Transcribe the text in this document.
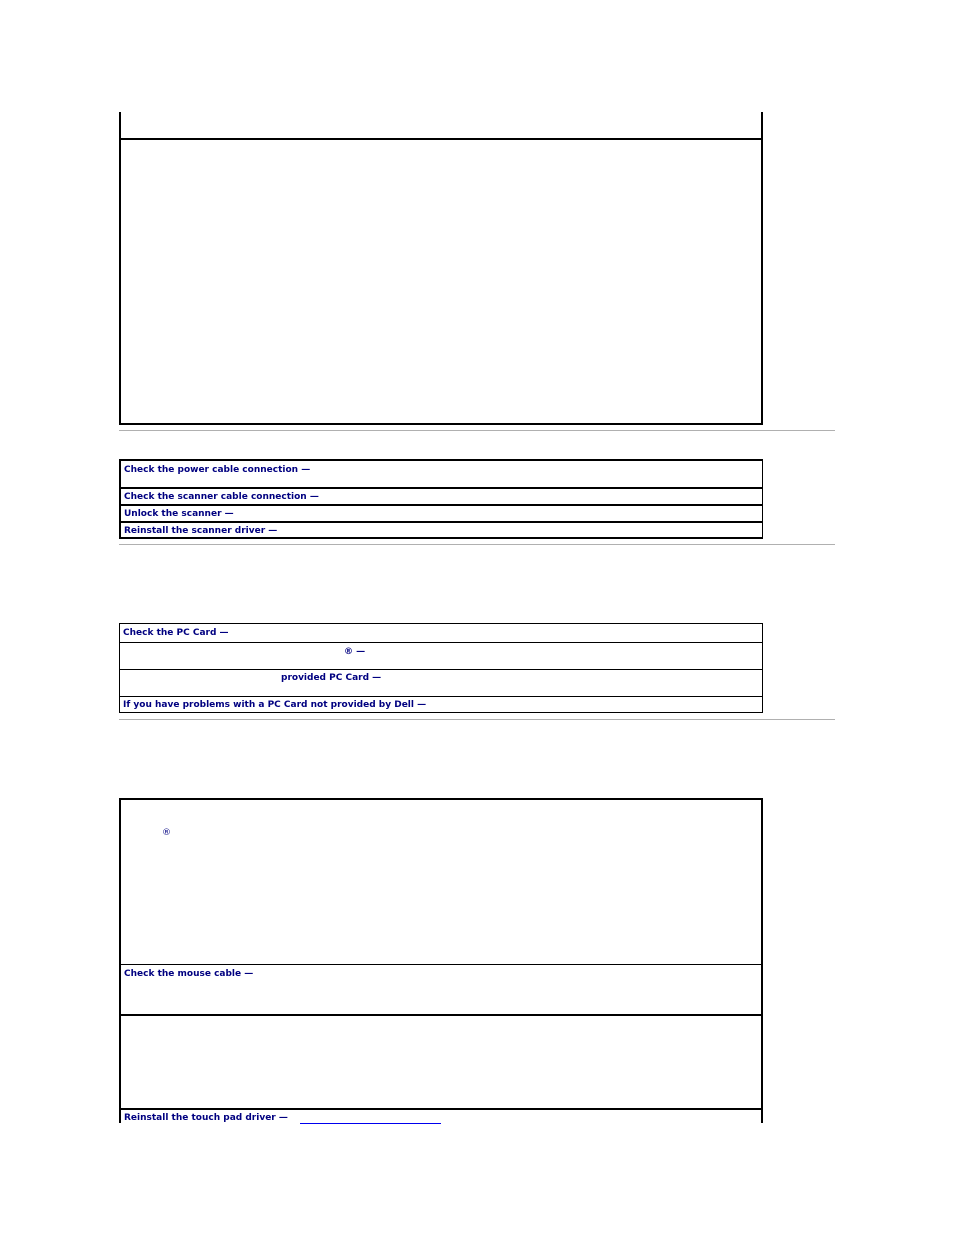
Check the power cable connection —
Check the scanner cable connection —
Unlock the scanner —
Reinstall the scanner driver —
Check the PC Card —
® —
provided PC Card —
If you have problems with a PC Card not provided by Dell —
®
Check the mouse cable —
Reinstall the touch pad driver —
